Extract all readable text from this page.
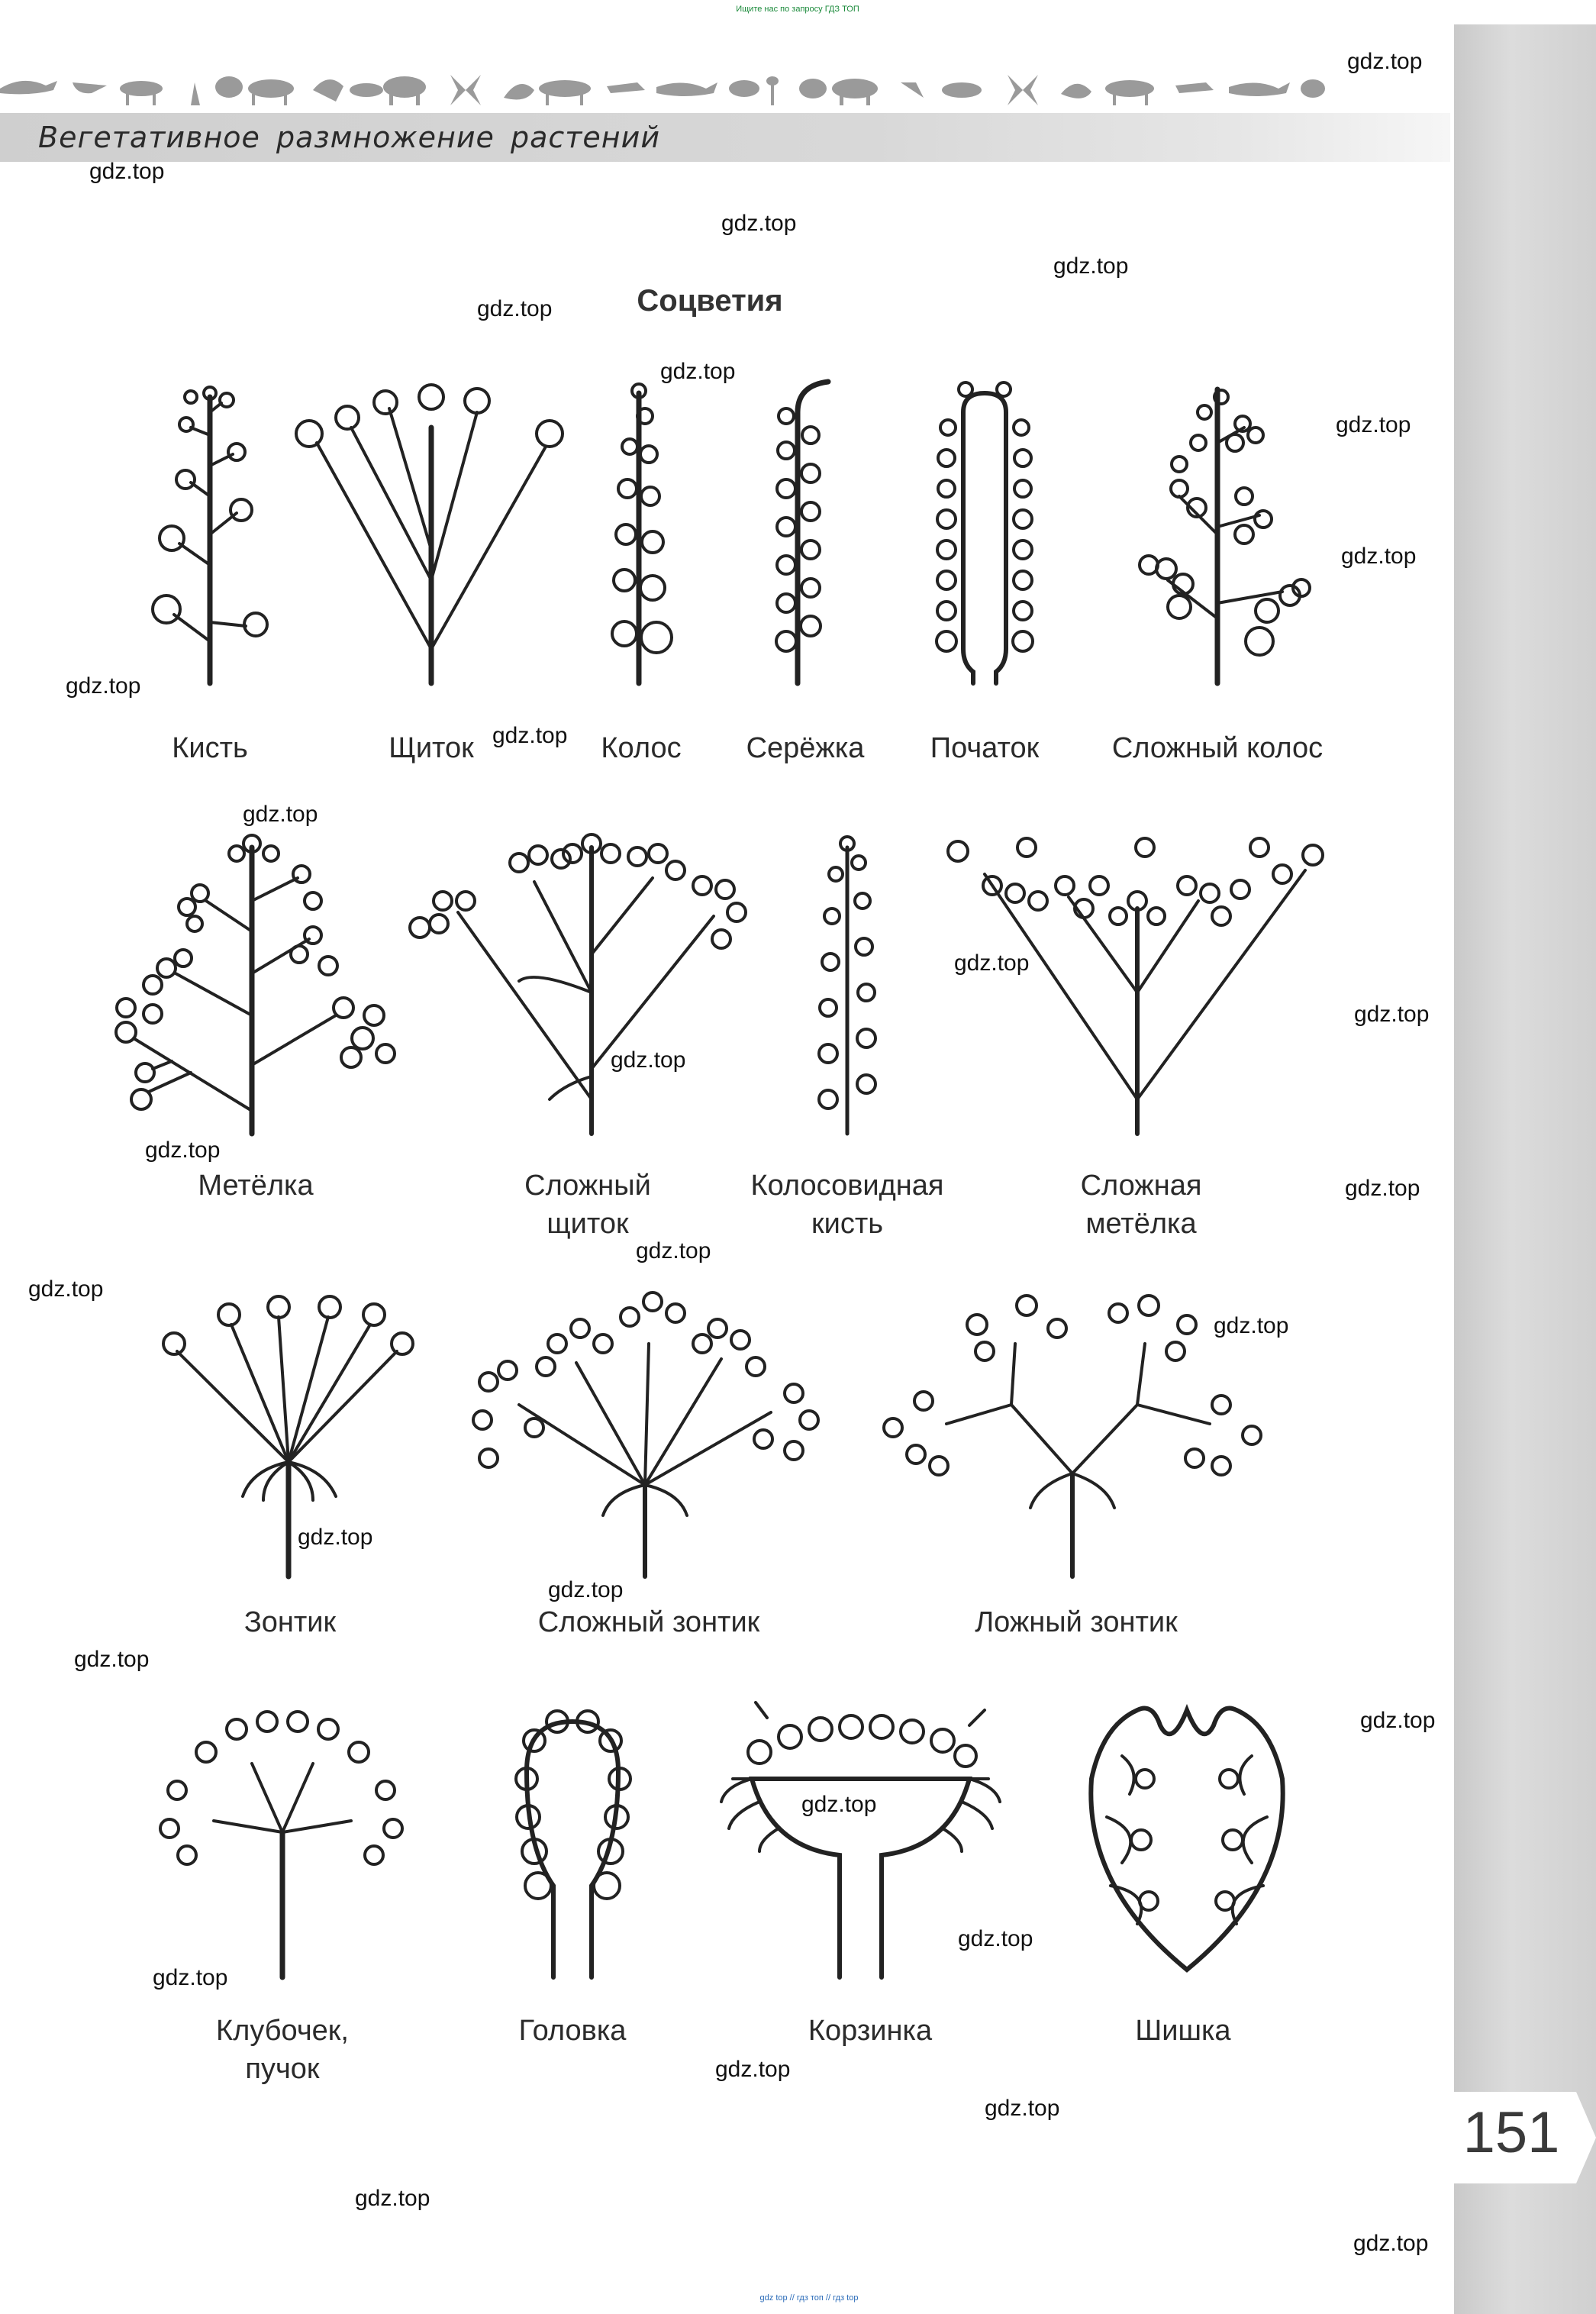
Ищите нас по запросу ГДЗ ТОП
Вегетативное размножение растений
Соцветия
Кисть	Щиток	Колос	Серёжка	Початок	Сложный колос
Метёлка	Сложный
щиток
Колосовидная
кисть
Сложная
метёлка
Зонтик	Сложный зонтик	Ложный зонтик
Клубочек,
пучок
Головка	Корзинка	Шишка
151
gdz.top
gdz.top
gdz.top
gdz.top
gdz.top
gdz.top
gdz.top
gdz.top
gdz.top
gdz.top
gdz.top
gdz.top
gdz.top
gdz.top
gdz.top
gdz.top
gdz.top
gdz.top
gdz.top
gdz.top
gdz.top
gdz.top
gdz.top
gdz.top
gdz.top
gdz.top
gdz.top
gdz.top
gdz.top
gdz.top
gdz top // гдз топ // гдз top
